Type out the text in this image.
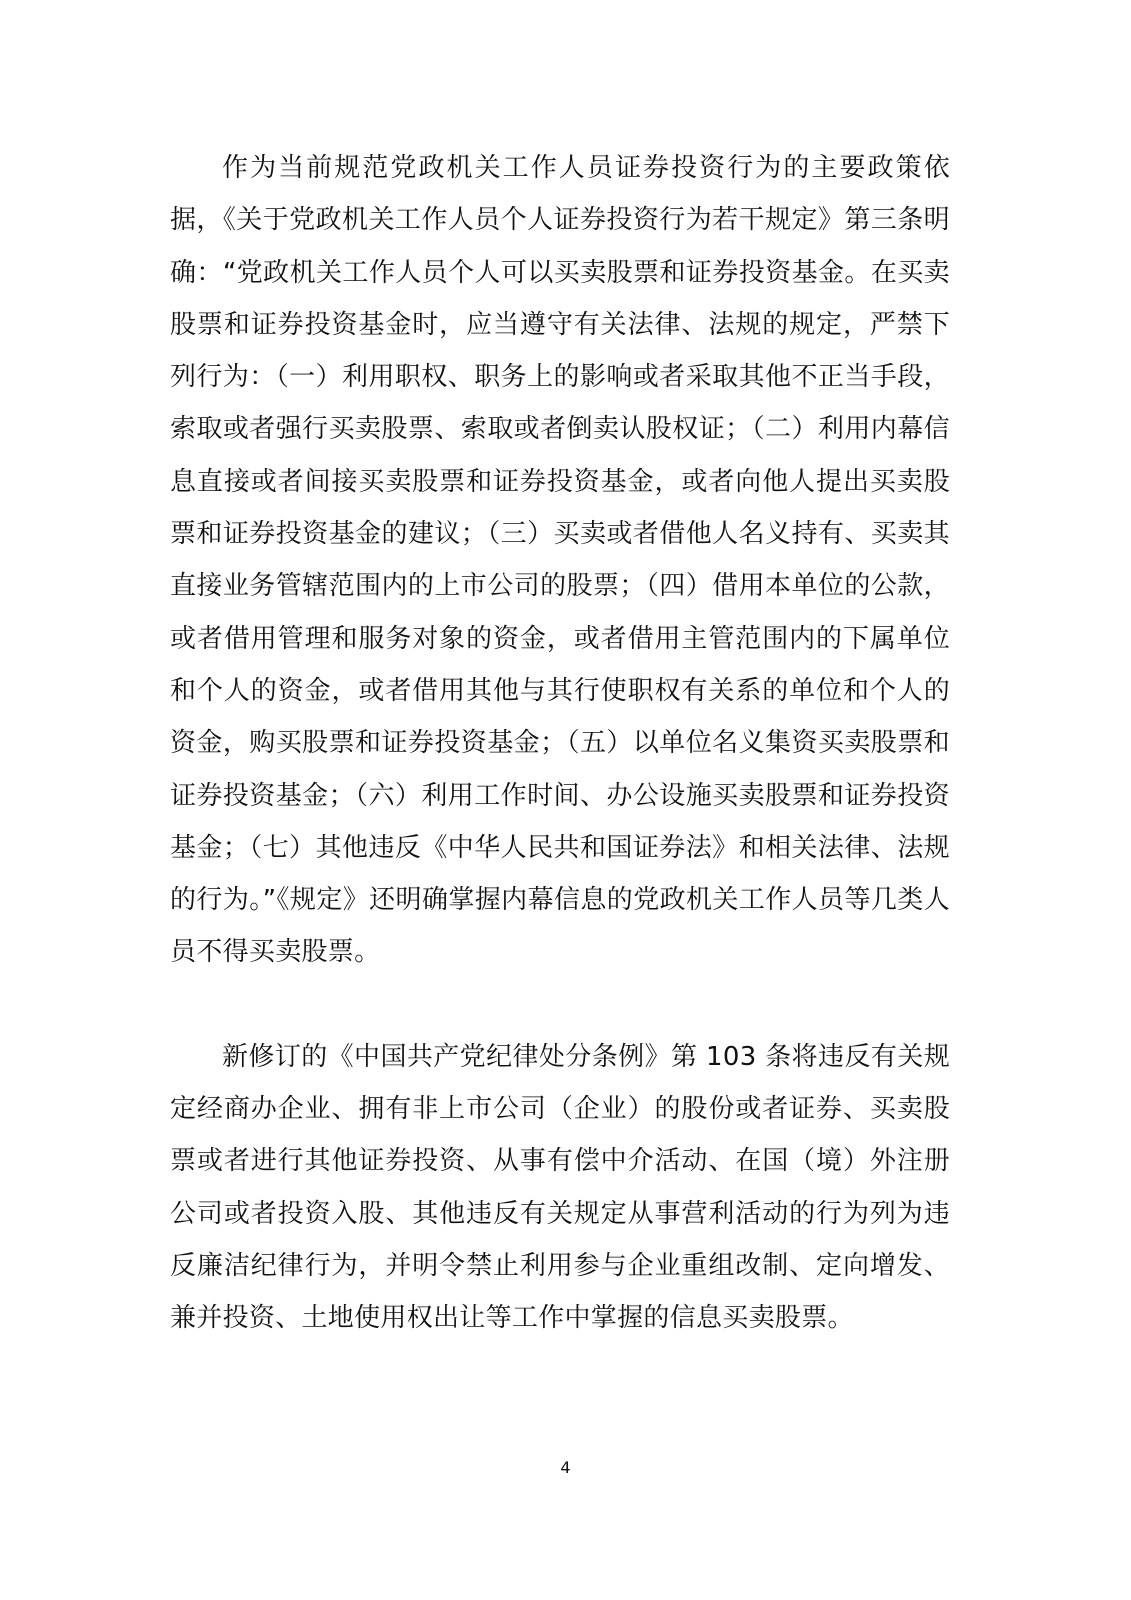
作为当前规范党政机关工作人员证券投资行为的主要政策依据，《关于党政机关工作人员个人证券投资行为若干规定》第三条明确：“党政机关工作人员个人可以买卖股票和证券投资基金。在买卖股票和证券投资基金时，应当遵守有关法律、法规的规定，严禁下列行为：（一）利用职权、职务上的影响或者采取其他不正当手段，索取或者强行买卖股票、索取或者倒卖认股权证；（二）利用内幕信息直接或者间接买卖股票和证券投资基金，或者向他人提出买卖股票和证券投资基金的建议；（三）买卖或者借他人名义持有、买卖其直接业务管辖范围内的上市公司的股票；（四）借用本单位的公款，或者借用管理和服务对象的资金，或者借用主管范围内的下属单位和个人的资金，或者借用其他与其行使职权有关系的单位和个人的资金，购买股票和证券投资基金；（五）以单位名义集资买卖股票和证券投资基金；（六）利用工作时间、办公设施买卖股票和证券投资基金；（七）其他违反《中华人民共和国证券法》和相关法律、法规的行为。”《规定》还明确掌握内幕信息的党政机关工作人员等几类人员不得买卖股票。

新修订的《中国共产党纪律处分条例》第 103 条将违反有关规定经商办企业、拥有非上市公司（企业）的股份或者证券、买卖股票或者进行其他证券投资、从事有偿中介活动、在国（境）外注册公司或者投资入股、其他违反有关规定从事营利活动的行为列为违反廉洁纪律行为，并明令禁止利用参与企业重组改制、定向增发、兼并投资、土地使用权出让等工作中掌握的信息买卖股票。

4
